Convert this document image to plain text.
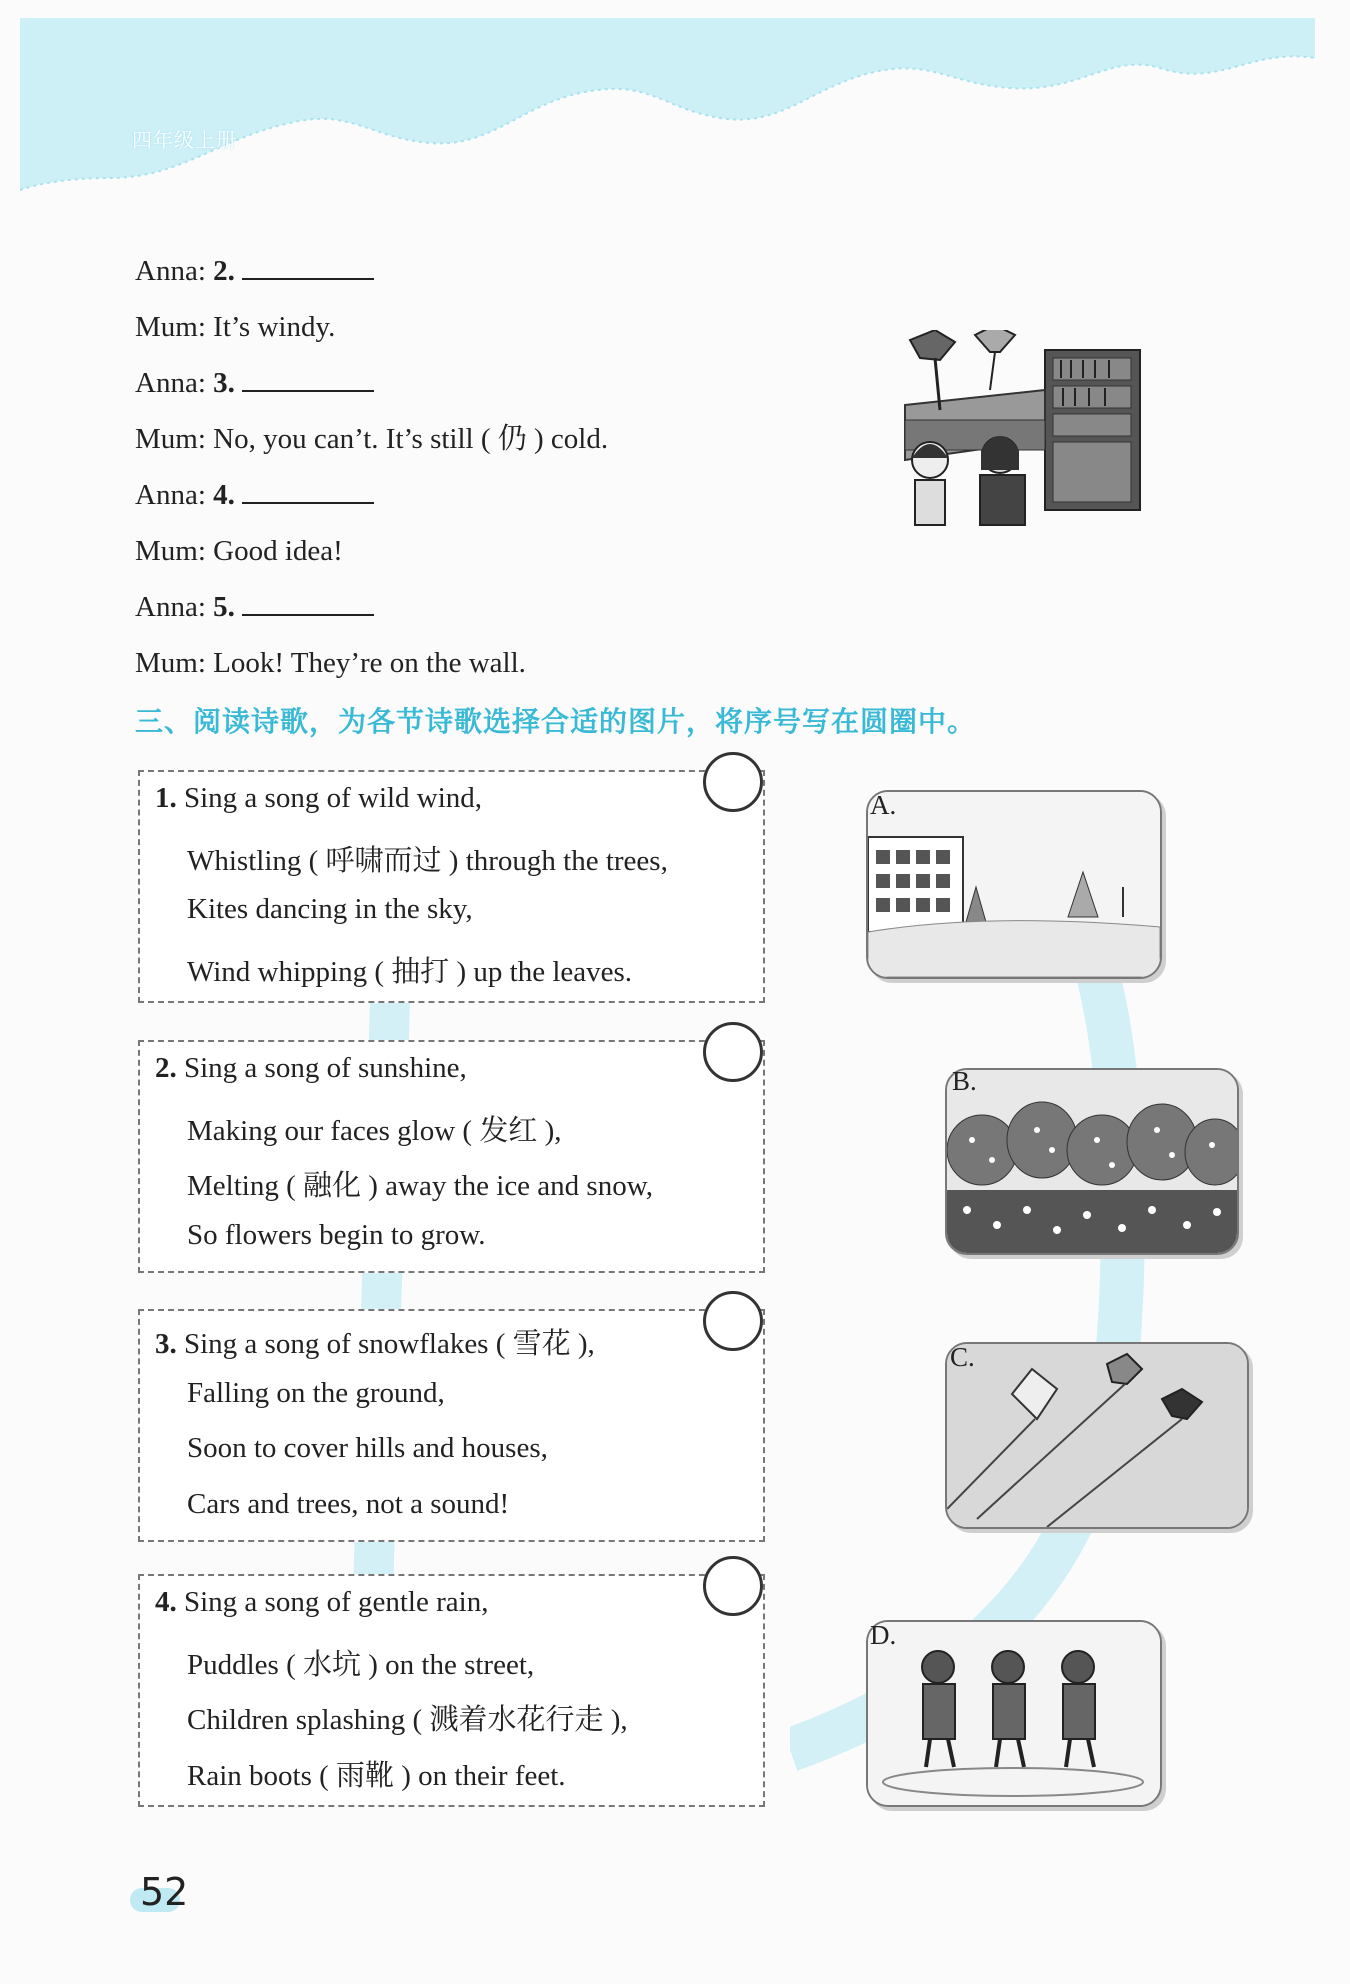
四年级上册
Anna: 2.
Mum: It’s windy.
Anna: 3.
Mum: No, you can’t. It’s still ( 仍 ) cold.
Anna: 4.
Mum: Good idea!
Anna: 5.
Mum: Look! They’re on the wall.
三、阅读诗歌，为各节诗歌选择合适的图片，将序号写在圆圈中。
1. Sing a song of wild wind,
Whistling ( 呼啸而过 ) through the trees,
Kites dancing in the sky,
Wind whipping ( 抽打 ) up the leaves.
2. Sing a song of sunshine,
Making our faces glow ( 发红 ),
Melting ( 融化 ) away the ice and snow,
So flowers begin to grow.
3. Sing a song of snowflakes ( 雪花 ),
Falling on the ground,
Soon to cover hills and houses,
Cars and trees, not a sound!
4. Sing a song of gentle rain,
Puddles ( 水坑 ) on the street,
Children splashing ( 溅着水花行走 ),
Rain boots ( 雨靴 ) on their feet.
A.
B.
C.
D.
52
